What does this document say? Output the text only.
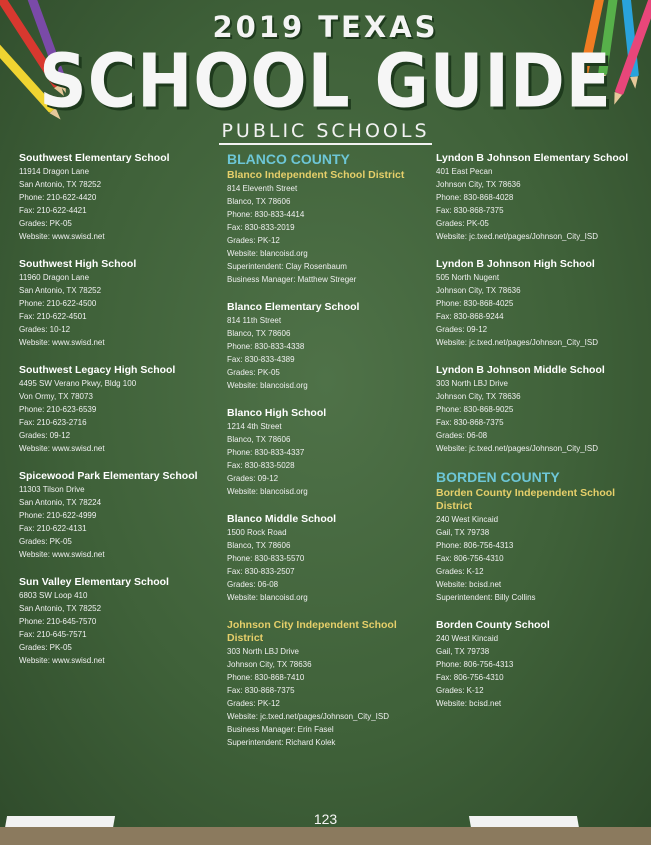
2019 TEXAS
SCHOOL GUIDE
PUBLIC SCHOOLS
Southwest Elementary School
11914 Dragon Lane
San Antonio, TX 78252
Phone: 210-622-4420
Fax: 210-622-4421
Grades: PK-05
Website: www.swisd.net
Southwest High School
11960 Dragon Lane
San Antonio, TX 78252
Phone: 210-622-4500
Fax: 210-622-4501
Grades: 10-12
Website: www.swisd.net
Southwest Legacy High School
4495 SW Verano Pkwy, Bldg 100
Von Ormy, TX 78073
Phone: 210-623-6539
Fax: 210-623-2716
Grades: 09-12
Website: www.swisd.net
Spicewood Park Elementary School
11303 Tilson Drive
San Antonio, TX 78224
Phone: 210-622-4999
Fax: 210-622-4131
Grades: PK-05
Website: www.swisd.net
Sun Valley Elementary School
6803 SW Loop 410
San Antonio, TX 78252
Phone: 210-645-7570
Fax: 210-645-7571
Grades: PK-05
Website: www.swisd.net
BLANCO COUNTY
Blanco Independent School District
814 Eleventh Street
Blanco, TX 78606
Phone: 830-833-4414
Fax: 830-833-2019
Grades: PK-12
Website: blancoisd.org
Superintendent: Clay Rosenbaum
Business Manager: Matthew Streger
Blanco Elementary School
814 11th Street
Blanco, TX 78606
Phone: 830-833-4338
Fax: 830-833-4389
Grades: PK-05
Website: blancoisd.org
Blanco High School
1214 4th Street
Blanco, TX 78606
Phone: 830-833-4337
Fax: 830-833-5028
Grades: 09-12
Website: blancoisd.org
Blanco Middle School
1500 Rock Road
Blanco, TX 78606
Phone: 830-833-5570
Fax: 830-833-2507
Grades: 06-08
Website: blancoisd.org
Johnson City Independent School District
303 North LBJ Drive
Johnson City, TX 78636
Phone: 830-868-7410
Fax: 830-868-7375
Grades: PK-12
Website: jc.txed.net/pages/Johnson_City_ISD
Business Manager: Erin Fasel
Superintendent: Richard Kolek
Lyndon B Johnson Elementary School
401 East Pecan
Johnson City, TX 78636
Phone: 830-868-4028
Fax: 830-868-7375
Grades: PK-05
Website: jc.txed.net/pages/Johnson_City_ISD
Lyndon B Johnson High School
505 North Nugent
Johnson City, TX 78636
Phone: 830-868-4025
Fax: 830-868-9244
Grades: 09-12
Website: jc.txed.net/pages/Johnson_City_ISD
Lyndon B Johnson Middle School
303 North LBJ Drive
Johnson City, TX 78636
Phone: 830-868-9025
Fax: 830-868-7375
Grades: 06-08
Website: jc.txed.net/pages/Johnson_City_ISD
BORDEN COUNTY
Borden County Independent School District
240 West Kincaid
Gail, TX 79738
Phone: 806-756-4313
Fax: 806-756-4310
Grades: K-12
Website: bcisd.net
Superintendent: Billy Collins
Borden County School
240 West Kincaid
Gail, TX 79738
Phone: 806-756-4313
Fax: 806-756-4310
Grades: K-12
Website: bcisd.net
123
